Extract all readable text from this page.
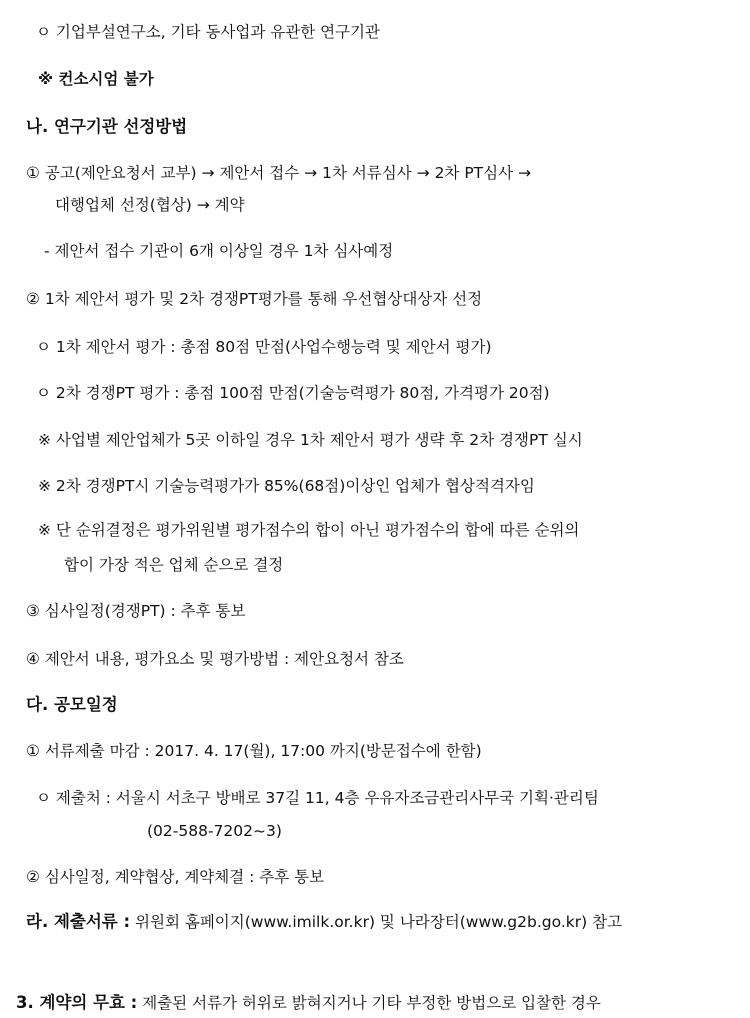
ㅇ 기업부설연구소, 기타 동사업과 유관한 연구기관
※ 컨소시엄 불가
나. 연구기관 선정방법
① 공고(제안요청서 교부) → 제안서 접수 → 1차 서류심사 → 2차 PT심사 →
대행업체 선정(협상) → 계약
- 제안서 접수 기관이 6개 이상일 경우 1차 심사예정
② 1차 제안서 평가 및 2차 경쟁PT평가를 통해 우선협상대상자 선정
ㅇ 1차 제안서 평가 : 총점 80점 만점(사업수행능력 및 제안서 평가)
ㅇ 2차 경쟁PT 평가 : 총점 100점 만점(기술능력평가 80점, 가격평가 20점)
※ 사업별 제안업체가 5곳 이하일 경우 1차 제안서 평가 생략 후 2차 경쟁PT 실시
※ 2차 경쟁PT시 기술능력평가가 85%(68점)이상인 업체가 협상적격자임
※ 단 순위결정은 평가위원별 평가점수의 합이 아닌 평가점수의 합에 따른 순위의
합이 가장 적은 업체 순으로 결정
③ 심사일정(경쟁PT) : 추후 통보
④ 제안서 내용, 평가요소 및 평가방법 : 제안요청서 참조
다. 공모일정
① 서류제출 마감 : 2017. 4. 17(월), 17:00 까지(방문접수에 한함)
ㅇ 제출처 : 서울시 서초구 방배로 37길 11, 4층 우유자조금관리사무국 기획·관리팀
(02-588-7202~3)
② 심사일정, 계약협상, 계약체결 : 추후 통보
라. 제출서류 : 위원회 홈페이지(www.imilk.or.kr) 및 나라장터(www.g2b.go.kr) 참고
3. 계약의 무효 : 제출된 서류가 허위로 밝혀지거나 기타 부정한 방법으로 입찰한 경우
